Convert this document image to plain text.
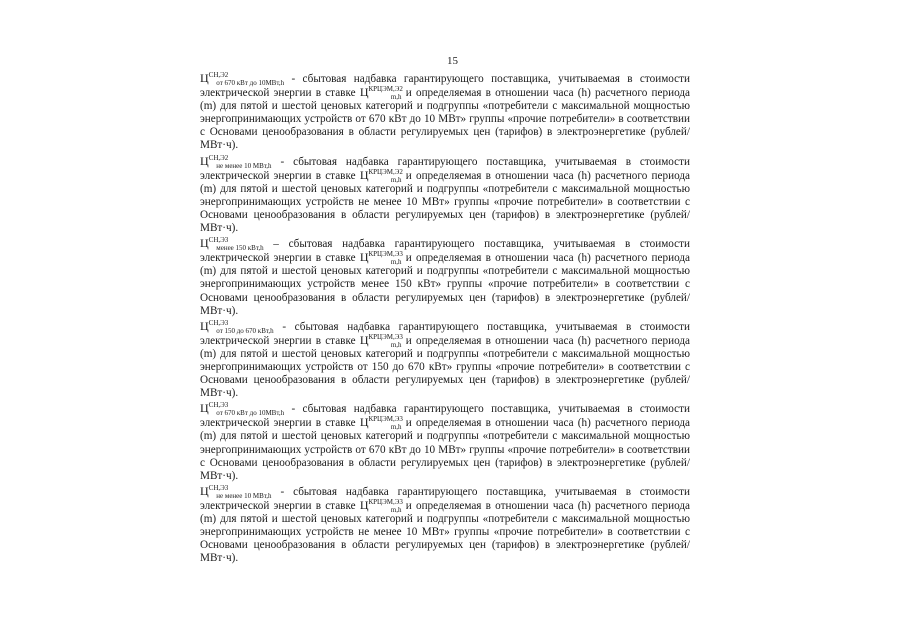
15

$Ц^{СН,Э2}_{от 670 кВт до 10МВт,h}$ - сбытовая надбавка гарантирующего поставщика, учитываемая в стоимости электрической энергии в ставке $Ц^{КРЦЭМ,Э2}_{m,h}$ и определяемая в отношении часа (h) расчетного периода (m) для пятой и шестой ценовых категорий и подгруппы «потребители с максимальной мощностью энергопринимающих устройств от 670 кВт до 10 МВт» группы «прочие потребители» в соответствии с Основами ценообразования в области регулируемых цен (тарифов) в электроэнергетике (рублей/МВт·ч).

$Ц^{СН,Э2}_{не менее 10 МВт,h}$ - сбытовая надбавка гарантирующего поставщика, учитываемая в стоимости электрической энергии в ставке $Ц^{КРЦЭМ,Э2}_{m,h}$ и определяемая в отношении часа (h) расчетного периода (m) для пятой и шестой ценовых категорий и подгруппы «потребители с максимальной мощностью энергопринимающих устройств не менее 10 МВт» группы «прочие потребители» в соответствии с Основами ценообразования в области регулируемых цен (тарифов) в электроэнергетике (рублей/МВт·ч).

$Ц^{СН,Э3}_{менее 150 кВт,h}$ – сбытовая надбавка гарантирующего поставщика, учитываемая в стоимости электрической энергии в ставке $Ц^{КРЦЭМ,Э3}_{m,h}$ и определяемая в отношении часа (h) расчетного периода (m) для пятой и шестой ценовых категорий и подгруппы «потребители с максимальной мощностью энергопринимающих устройств менее 150 кВт» группы «прочие потребители» в соответствии с Основами ценообразования в области регулируемых цен (тарифов) в электроэнергетике (рублей/МВт·ч).

$Ц^{СН,Э3}_{от 150 до 670 кВт,h}$ - сбытовая надбавка гарантирующего поставщика, учитываемая в стоимости электрической энергии в ставке $Ц^{КРЦЭМ,Э3}_{m,h}$ и определяемая в отношении часа (h) расчетного периода (m) для пятой и шестой ценовых категорий и подгруппы «потребители с максимальной мощностью энергопринимающих устройств от 150 до 670 кВт» группы «прочие потребители» в соответствии с Основами ценообразования в области регулируемых цен (тарифов) в электроэнергетике (рублей/МВт·ч).

$Ц^{СН,Э3}_{от 670 кВт до 10МВт,h}$ - сбытовая надбавка гарантирующего поставщика, учитываемая в стоимости электрической энергии в ставке $Ц^{КРЦЭМ,Э3}_{m,h}$ и определяемая в отношении часа (h) расчетного периода (m) для пятой и шестой ценовых категорий и подгруппы «потребители с максимальной мощностью энергопринимающих устройств от 670 кВт до 10 МВт» группы «прочие потребители» в соответствии с Основами ценообразования в области регулируемых цен (тарифов) в электроэнергетике (рублей/МВт·ч).

$Ц^{СН,Э3}_{не менее 10 МВт,h}$ - сбытовая надбавка гарантирующего поставщика, учитываемая в стоимости электрической энергии в ставке $Ц^{КРЦЭМ,Э3}_{m,h}$ и определяемая в отношении часа (h) расчетного периода (m) для пятой и шестой ценовых категорий и подгруппы «потребители с максимальной мощностью энергопринимающих устройств не менее 10 МВт» группы «прочие потребители» в соответствии с Основами ценообразования в области регулируемых цен (тарифов) в электроэнергетике (рублей/МВт·ч).
